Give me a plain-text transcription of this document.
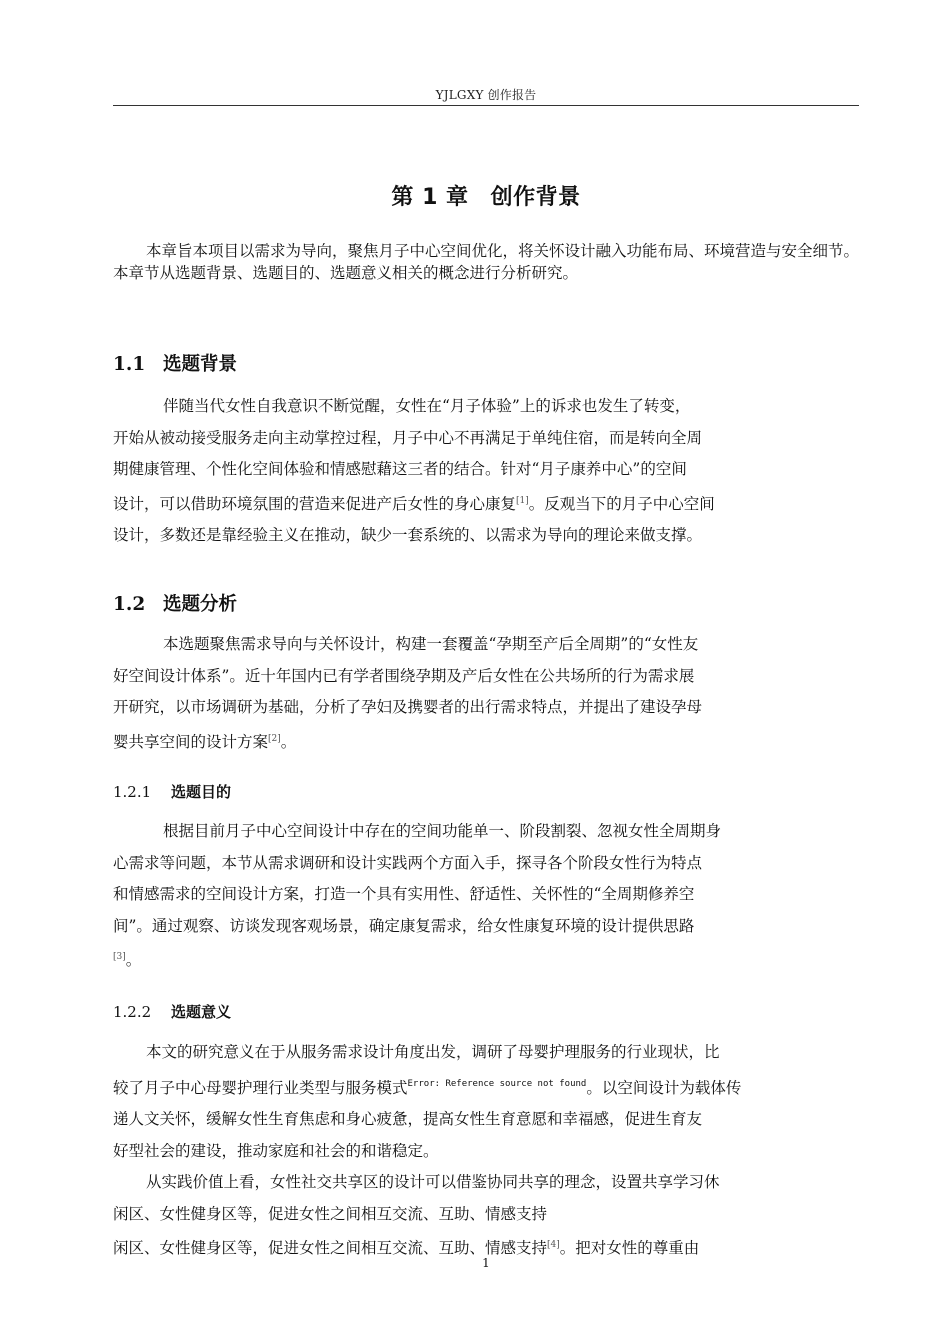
YJLGXY 创作报告
第 1 章 创作背景

本章旨本项目以需求为导向，聚焦月子中心空间优化，将关怀设计融入功能布局、环境营造与安全细节。本章节从选题背景、选题目的、选题意义相关的概念进行分析研究。

1.1 选题背景
伴随当代女性自我意识不断觉醒，女性在“月子体验”上的诉求也发生了转变，
开始从被动接受服务走向主动掌控过程，月子中心不再满足于单纯住宿，而是转向全周
期健康管理、个性化空间体验和情感慰藉这三者的结合。针对“月子康养中心”的空间
设计，可以借助环境氛围的营造来促进产后女性的身心康复[1]。反观当下的月子中心空间
设计，多数还是靠经验主义在推动，缺少一套系统的、以需求为导向的理论来做支撑。
1.2 选题分析
本选题聚焦需求导向与关怀设计，构建一套覆盖“孕期至产后全周期”的“女性友
好空间设计体系”。近十年国内已有学者围绕孕期及产后女性在公共场所的行为需求展
开研究，以市场调研为基础，分析了孕妇及携婴者的出行需求特点，并提出了建设孕母
婴共享空间的设计方案[2]。
1.2.1 选题目的
根据目前月子中心空间设计中存在的空间功能单一、阶段割裂、忽视女性全周期身
心需求等问题，本节从需求调研和设计实践两个方面入手，探寻各个阶段女性行为特点
和情感需求的空间设计方案，打造一个具有实用性、舒适性、关怀性的“全周期修养空
间”。通过观察、访谈发现客观场景，确定康复需求，给女性康复环境的设计提供思路
[3]。
1.2.2 选题意义
本文的研究意义在于从服务需求设计角度出发，调研了母婴护理服务的行业现状，比
较了月子中心母婴护理行业类型与服务模式$^{Error: Reference source not found}$。以空间设计为载体传
递人文关怀，缓解女性生育焦虑和身心疲惫，提高女性生育意愿和幸福感，促进生育友
好型社会的建设，推动家庭和社会的和谐稳定。
从实践价值上看，女性社交共享区的设计可以借鉴协同共享的理念，设置共享学习休
闲区、女性健身区等，促进女性之间相互交流、互助、情感支持
闲区、女性健身区等，促进女性之间相互交流、互助、情感支持[4]。把对女性的尊重由
1
